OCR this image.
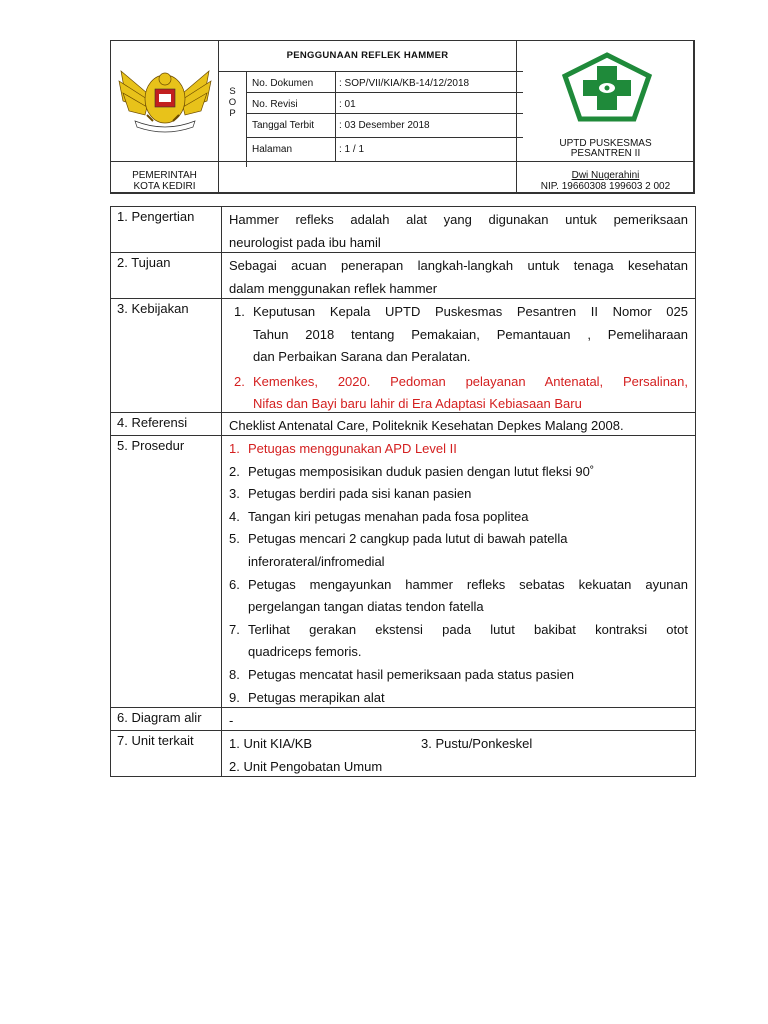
PEMERINTAH
KOTA KEDIRI
PENGGUNAAN REFLEK HAMMER
S
O
P
No. Dokumen	: SOP/VII/KIA/KB-14/12/2018
No. Revisi	: 01
Tanggal Terbit : 03 Desember 2018
Halaman	: 1 / 1
UPTD PUSKESMAS
PESANTREN II
Dwi Nugerahini
NIP. 19660308 199603 2 002
1. Pengertian	Hammer refleks adalah alat yang digunakan untuk pemeriksaan
neurologist pada ibu hamil
2. Tujuan	Sebagai acuan penerapan langkah-langkah untuk tenaga kesehatan
dalam menggunakan reflek hammer
3. Kebijakan	1. Keputusan Kepala UPTD Puskesmas Pesantren II Nomor 025
Tahun 2018 tentang Pemakaian, Pemantauan , Pemeliharaan
dan Perbaikan Sarana dan Peralatan.
2. Kemenkes, 2020. Pedoman pelayanan Antenatal, Persalinan,
Nifas dan Bayi baru lahir di Era Adaptasi Kebiasaan Baru
4. Referensi	Cheklist Antenatal Care, Politeknik Kesehatan Depkes Malang 2008.
5. Prosedur	1. Petugas menggunakan APD Level II
2. Petugas memposisikan duduk pasien dengan lutut fleksi 90˚
3. Petugas berdiri pada sisi kanan pasien
4. Tangan kiri petugas menahan pada fosa poplitea
5. Petugas mencari 2 cangkup pada lutut di bawah patella
inferorateral/infromedial
6. Petugas mengayunkan hammer refleks sebatas kekuatan ayunan
pergelangan tangan diatas tendon fatella
7. Terlihat gerakan ekstensi pada lutut bakibat kontraksi otot
quadriceps femoris.
8. Petugas mencatat hasil pemeriksaan pada status pasien
9. Petugas merapikan alat
6. Diagram alir -
7. Unit terkait	1. Unit KIA/KB	3. Pustu/Ponkeskel
2. Unit Pengobatan Umum
